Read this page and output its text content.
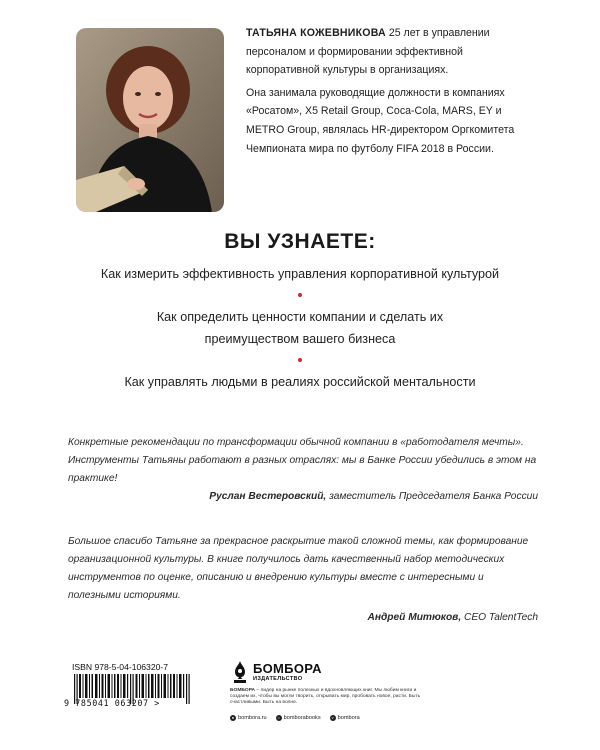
ТАТЬЯНА КОЖЕВНИКОВА 25 лет в управлении персоналом и формировании эффективной корпоративной культуры в организациях.

Она занимала руководящие должности в компаниях «Росатом», X5 Retail Group, Coca-Cola, MARS, EY и METRO Group, являлась HR-директором Оргкомитета Чемпионата мира по футболу FIFA 2018 в России.

ВЫ УЗНАЕТЕ:
Как измерить эффективность управления корпоративной культурой
Как определить ценности компании и сделать их преимуществом вашего бизнеса
Как управлять людьми в реалиях российской ментальности

Конкретные рекомендации по трансформации обычной компании в «работодателя мечты». Инструменты Татьяны работают в разных отраслях: мы в Банке России убедились в этом на практике!

Руслан Вестеровский, заместитель Председателя Банка России

Большое спасибо Татьяне за прекрасное раскрытие такой сложной темы, как формирование организационной культуры. В книге получилось дать качественный набор методических инструментов по оценке, описанию и внедрению культуры вместе с интересными и полезными историями.

Андрей Митюков, CEO TalentTech

ISBN 978-5-04-106320-7
9 785041 063207 >
БОМБОРА
ИЗДАТЕЛЬСТВО
БОМБОРА – лидер на рынке полезных и вдохновляющих книг. Мы любим книги и создаем их, чтобы вы могли творить, открывать мир, пробовать новое, расти. Быть счастливыми. Быть на волне.
● bombora.ru	○ bomborabooks	v bombora
